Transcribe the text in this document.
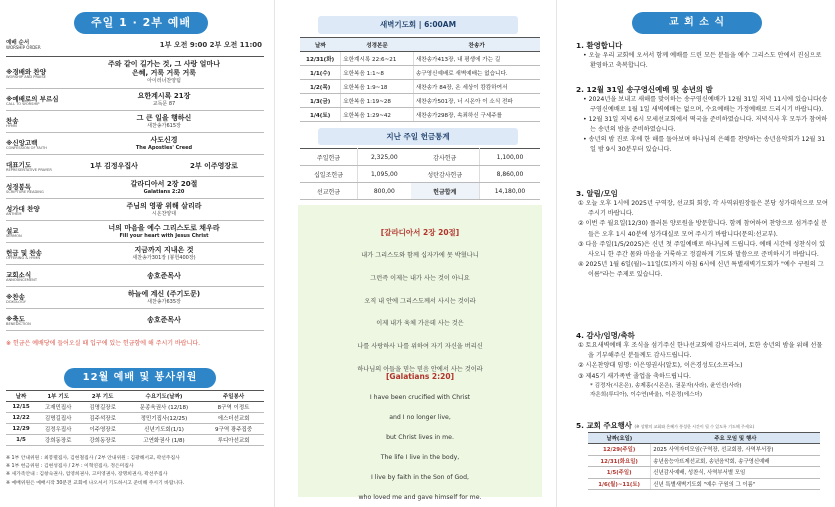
주일 1 · 2부 예배
예배 순서
WORSHIP ORDER	1부 오전 9:00 2부 오전 11:00
※경배와 찬양
WORSHIP AND PRAISE
주와 같이 길가는 것, 그 사랑 얼마나
은혜, 거룩 거룩 거룩
아이러너찬양팀
※예배로의 부르심
CALL TO WORSHIP
요한계시록 21장
교독문 87
찬송
HYMN
그 큰 일을 행하신
새찬송가615장
※신앙고백
CONFESSION OF FAITH
사도신경
The Apostles' Creed
대표기도
REPRESENTATIVE PRAYER	1부 김정우집사	2부 이주영장로
성경봉독
SCRIPTURE READING
갈라디아서 2장 20절
Galatians 2:20
성가대 찬양
ANTHEM
주님의 영광 위해 살리라
시온찬양대
설교
SERMON
너의 마음을 예수 그리스도로 채우라
Fill your heart with Jesus Christ
헌금 및 찬송
OFFERING & HYMN
지금까지 지내온 것
새찬송가301장 (봉헌400장)
교회소식
ANNOUNCEMENT
송호준목사
※찬송
DOXOLOGY
하늘에 계신 (주기도문)
새찬송가635장
※축도
BENEDICTION
송호준목사
※ 헌금은 예배당에 들어오실 때 입구에 있는 헌금함에 해 주시기 바랍니다.
12월 예배 및 봉사위원
날짜	1부 기도	2부 기도	수요기도(날짜)	주일봉사
12/15	고재민집사	김명길장로	문종욱권사 (12/18)	8구역 이정트
12/22	김명길집사	김주석장로	정민기집사(12/25)	에스더선교회
12/29	김정우집사	이주영장로	신년기도회(1/1)	9구역 광주집중
1/5	강희동장로	강희동장로	고연화권사 (1/8)	루디아선교회
※ 1부 안내위원 : 최봉렬집사, 김현철집사 / 2부 안내위원 : 김광해서교, 곽선주집사
※ 1부 헌금위원 : 김현성집사 / 2부 : 이혁연집사, 정은미집사
※ 새가족안내 : 김창숙권사, 엄영희권사, 고미영권사, 장명희권사, 곽선주집사
※ 예배위원은 예배시작 30분전 교회에 나오셔서 기도하시고 준비해 주시기 바랍니다.
새벽기도회 | 6:00AM
날짜	성경본문	찬송가
12/31(화)	요한계시록 22:6~21	새찬송가413장, 내 평생에 가는 길
1/1(수)	요한복음 1:1~8	송구영신예배로 새벽예배는 없습니다.
1/2(목)	요한복음 1:9~18	새찬송가 84장, 온 세상이 캄캄하여서
1/3(금)	요한복음 1:19~28	새찬송가501장, 너 시온아 이 소식 전파
1/4(토)	요한복음 1:29~42	새찬송가298장, 속죄하신 구세주를
지난 주일 헌금통계
주일헌금	2,325,00	감사헌금	1,100,00
십일조헌금	1,095,00	성탄감사헌금	8,860,00
선교헌금	800,00	헌금합계	14,180,00
[갈라디아서 2장 20절]
내가 그리스도와 함께 십자가에 못 박혔나니
그런즉 이제는 내가 사는 것이 아니요
오직 내 안에 그리스도께서 사시는 것이라
이제 내가 육체 가운데 사는 것은
나를 사랑하사 나를 위하여 자기 자신을 버리신
하나님의 아들을 믿는 믿음 안에서 사는 것이라
[Galatians 2:20]
I have been crucified with Christ
and I no longer live,
but Christ lives in me.
The life I live in the body,
I live by faith in the Son of God,
who loved me and gave himself for me.
교 회 소 식
1. 환영합니다
• 오늘 우리 교회에 오셔서 함께 예배를 드린 모든 분들을 예수 그리스도 안에서 진심으로 환영하고 축복합니다.
2. 12월 31일 송구영신예배 및 송년의 밤
• 2024년을 보내고 새해를 맞이하는 송구영신예배가 12월 31일 저녁 11시에 있습니다(송구영신예배로 1월 1일 새벽예배는 없으며, 수요예배는 가정예배로 드리시기 바랍니다).
• 12월 31일 저녁 6시 모세선교회에서 떡국을 준비하였습니다. 저녁식사 후 모두가 참여하는 송년의 밤을 준비하였습니다.
• 송년의 밤 진로 후에 한 해를 돌아보며 하나님의 은혜를 찬양하는 송년음악회가 12월 31일 밤 9시 30분부터 있습니다.
3. 알림/모임
① 오늘 오후 1시에 2025년 구역장, 선교회 회장, 각 사역위원장들은 본당 성가대석으로 모여 주시기 바랍니다.
② 이번 주 월요일(12/30) 플러튼 양로원을 방문합니다. 함께 참여하여 찬양으로 섬겨주실 분들은 오후 1시 40분에 성가대실로 모여 주시기 바랍니다(문의:선교부).
③ 다음 주일(1/5/2025)은 신년 첫 주일예배로 하나님께 드립니다. 예배 시간에 성찬식이 있사오니 한 주간 몸와 마음을 거룩하고 정결하게 기도와 말씀으로 준비하시기 바랍니다.
④ 2025년 1월 6일(월)~11일(토)까지 아침 6시에 신년 특별새벽기도회가 "예수 구원의 그 이름"라는 주제로 있습니다.
4. 감사/임명/축하
① 토요새벽예배 후 조식을 섬기주신 한나선교회에 감사드리며, 토한 송년의 밤을 위해 선물을 기부해주신 분들께도 감사드립니다.
② 시온찬양대 임명: 이은영권사(알토), 이은경성도(소프라노)
③ 제45기 새가족반 졸업을 축하드립니다.
* 김정자(시온은), 송제홍(시온은), 권문자(사라), 윤인선(사라)
자은희(루디아), 이수연(바울), 이은정(에스더)
5. 교회 주요행사 (※ 상황의 교회와 은혜가 풍성한 시간이 될 수 있도록 기도해 주세요)
날짜(요일)	주요 모임 및 행사
12/29(주일)	2025 사역자미모임(구역장, 선교회장, 사역부서장)
12/31(화요일)	송년음능아뜨제선교회, 송년음악회, 송구영신예배
1/5(주일)	신년감사예배, 성찬식, 사역부서별 모임
1/6(월)~11(토)	신년 특별새벽기도회 "예수 구원의 그 이름"
